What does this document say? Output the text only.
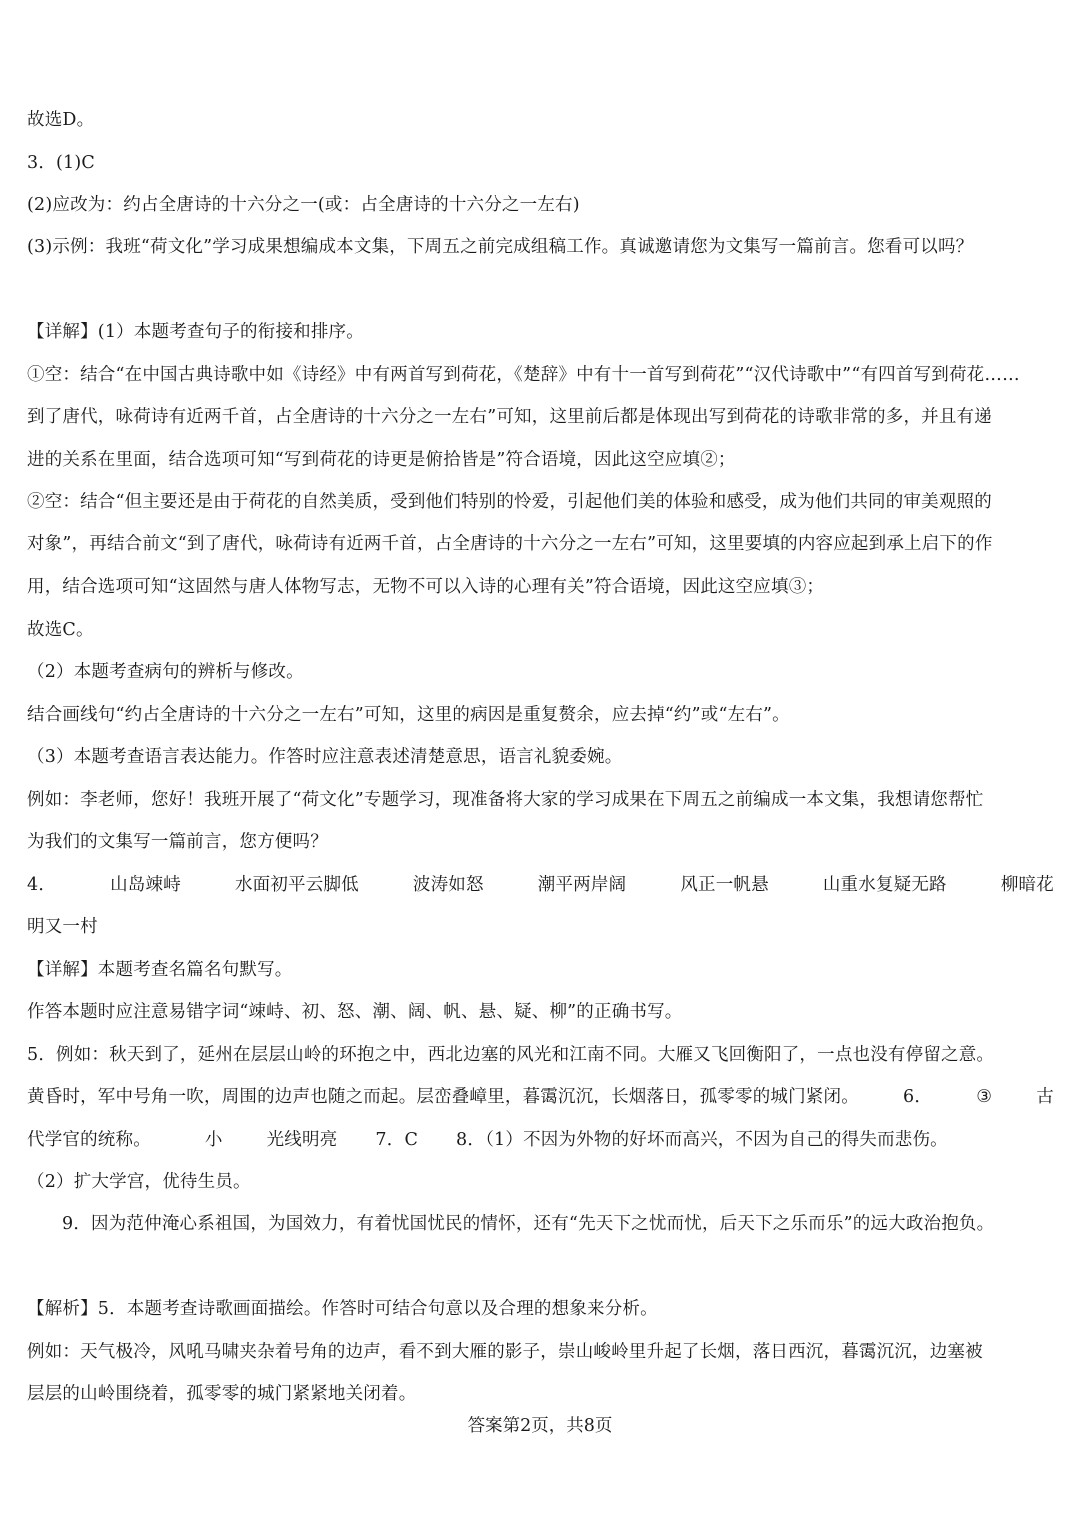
故选D。
3．(1)C
(2)应改为：约占全唐诗的十六分之一(或：占全唐诗的十六分之一左右)
(3)示例：我班“荷文化”学习成果想编成本文集，下周五之前完成组稿工作。真诚邀请您为文集写一篇前言。您看可以吗？
【详解】(1）本题考查句子的衔接和排序。
①空：结合“在中国古典诗歌中如《诗经》中有两首写到荷花，《楚辞》中有十一首写到荷花”“汉代诗歌中”“有四首写到荷花……
到了唐代，咏荷诗有近两千首，占全唐诗的十六分之一左右”可知，这里前后都是体现出写到荷花的诗歌非常的多，并且有递
进的关系在里面，结合选项可知“写到荷花的诗更是俯拾皆是”符合语境，因此这空应填②；
②空：结合“但主要还是由于荷花的自然美质，受到他们特别的怜爱，引起他们美的体验和感受，成为他们共同的审美观照的
对象”，再结合前文“到了唐代，咏荷诗有近两千首，占全唐诗的十六分之一左右”可知，这里要填的内容应起到承上启下的作
用，结合选项可知“这固然与唐人体物写志，无物不可以入诗的心理有关”符合语境，因此这空应填③；
故选C。
（2）本题考查病句的辨析与修改。
结合画线句“约占全唐诗的十六分之一左右”可知，这里的病因是重复赘余，应去掉“约”或“左右”。
（3）本题考查语言表达能力。作答时应注意表述清楚意思，语言礼貌委婉。
例如：李老师，您好！我班开展了“荷文化”专题学习，现准备将大家的学习成果在下周五之前编成一本文集，我想请您帮忙
为我们的文集写一篇前言，您方便吗？
4．	山岛竦峙	水面初平云脚低	波涛如怒	潮平两岸阔	风正一帆悬	山重水复疑无路	柳暗花
明又一村
【详解】本题考查名篇名句默写。
作答本题时应注意易错字词“竦峙、初、怒、潮、阔、帆、悬、疑、柳”的正确书写。
5．例如：秋天到了，延州在层层山岭的环抱之中，西北边塞的风光和江南不同。大雁又飞回衡阳了，一点也没有停留之意。
黄昏时，军中号角一吹，周围的边声也随之而起。层峦叠嶂里，暮霭沉沉，长烟落日，孤零零的城门紧闭。	6．	③	古
代学官的统称。	小	光线明亮 7．C 8．（1）不因为外物的好坏而高兴，不因为自己的得失而悲伤。
（2）扩大学宫，优待生员。
9．因为范仲淹心系祖国，为国效力，有着忧国忧民的情怀，还有“先天下之忧而忧，后天下之乐而乐”的远大政治抱负。
【解析】5．本题考查诗歌画面描绘。作答时可结合句意以及合理的想象来分析。
例如：天气极冷，风吼马啸夹杂着号角的边声，看不到大雁的影子，崇山峻岭里升起了长烟，落日西沉，暮霭沉沉，边塞被
层层的山岭围绕着，孤零零的城门紧紧地关闭着。
答案第2页，共8页
